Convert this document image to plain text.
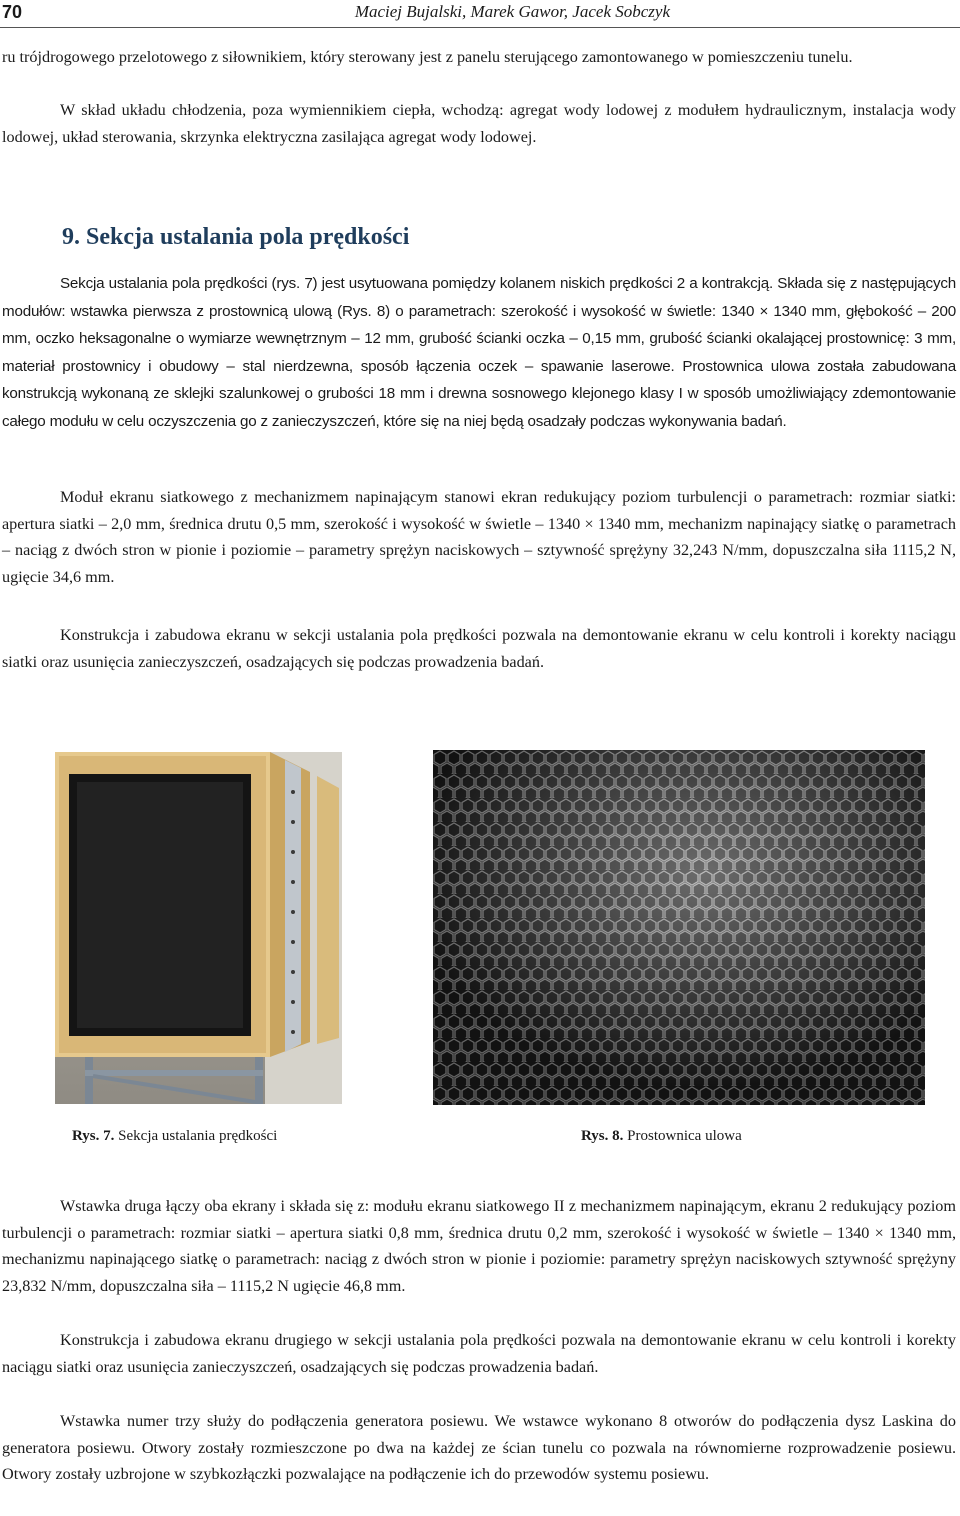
70	Maciej Bujalski, Marek Gawor, Jacek Sobczyk

ru trójdrogowego przelotowego z siłownikiem, który sterowany jest z panelu sterującego zamontowanego w pomieszczeniu tunelu.

W skład układu chłodzenia, poza wymiennikiem ciepła, wchodzą: agregat wody lodowej z modułem hydraulicznym, instalacja wody lodowej, układ sterowania, skrzynka elektryczna zasilająca agregat wody lodowej.

9. Sekcja ustalania pola prędkości

Sekcja ustalania pola prędkości (rys. 7) jest usytuowana pomiędzy kolanem niskich prędkości 2 a kontrakcją. Składa się z następujących modułów: wstawka pierwsza z prostownicą ulową (Rys. 8) o parametrach: szerokość i wysokość w świetle: 1340 × 1340 mm, głębokość – 200 mm, oczko heksagonalne o wymiarze wewnętrznym – 12 mm, grubość ścianki oczka – 0,15 mm, grubość ścianki okalającej prostownicę: 3 mm, materiał prostownicy i obudowy – stal nierdzewna, sposób łączenia oczek – spawanie laserowe. Prostownica ulowa została zabudowana konstrukcją wykonaną ze sklejki szalunkowej o grubości 18 mm i drewna sosnowego klejonego klasy I w sposób umożliwiający zdemontowanie całego modułu w celu oczyszczenia go z zanieczyszczeń, które się na niej będą osadzały podczas wykonywania badań.

Moduł ekranu siatkowego z mechanizmem napinającym stanowi ekran redukujący poziom turbulencji o parametrach: rozmiar siatki: apertura siatki – 2,0 mm, średnica drutu 0,5 mm, szerokość i wysokość w świetle – 1340 × 1340 mm, mechanizm napinający siatkę o parametrach – naciąg z dwóch stron w pionie i poziomie – parametry sprężyn naciskowych – sztywność sprężyny 32,243 N/mm, dopuszczalna siła 1115,2 N, ugięcie 34,6 mm.

Konstrukcja i zabudowa ekranu w sekcji ustalania pola prędkości pozwala na demontowanie ekranu w celu kontroli i korekty naciągu siatki oraz usunięcia zanieczyszczeń, osadzających się podczas prowadzenia badań.

Rys. 7. Sekcja ustalania prędkości	Rys. 8. Prostownica ulowa

Wstawka druga łączy oba ekrany i składa się z: modułu ekranu siatkowego II z mechanizmem napinającym, ekranu 2 redukujący poziom turbulencji o parametrach: rozmiar siatki – apertura siatki 0,8 mm, średnica drutu 0,2 mm, szerokość i wysokość w świetle – 1340 × 1340 mm, mechanizmu napinającego siatkę o parametrach: naciąg z dwóch stron w pionie i poziomie: parametry sprężyn naciskowych sztywność sprężyny 23,832 N/mm, dopuszczalna siła – 1115,2 N ugięcie 46,8 mm.

Konstrukcja i zabudowa ekranu drugiego w sekcji ustalania pola prędkości pozwala na demontowanie ekranu w celu kontroli i korekty naciągu siatki oraz usunięcia zanieczyszczeń, osadzających się podczas prowadzenia badań.

Wstawka numer trzy służy do podłączenia generatora posiewu. We wstawce wykonano 8 otworów do podłączenia dysz Laskina do generatora posiewu. Otwory zostały rozmieszczone po dwa na każdej ze ścian tunelu co pozwala na równomierne rozprowadzenie posiewu. Otwory zostały uzbrojone w szybkozłączki pozwalające na podłączenie ich do przewodów systemu posiewu.
